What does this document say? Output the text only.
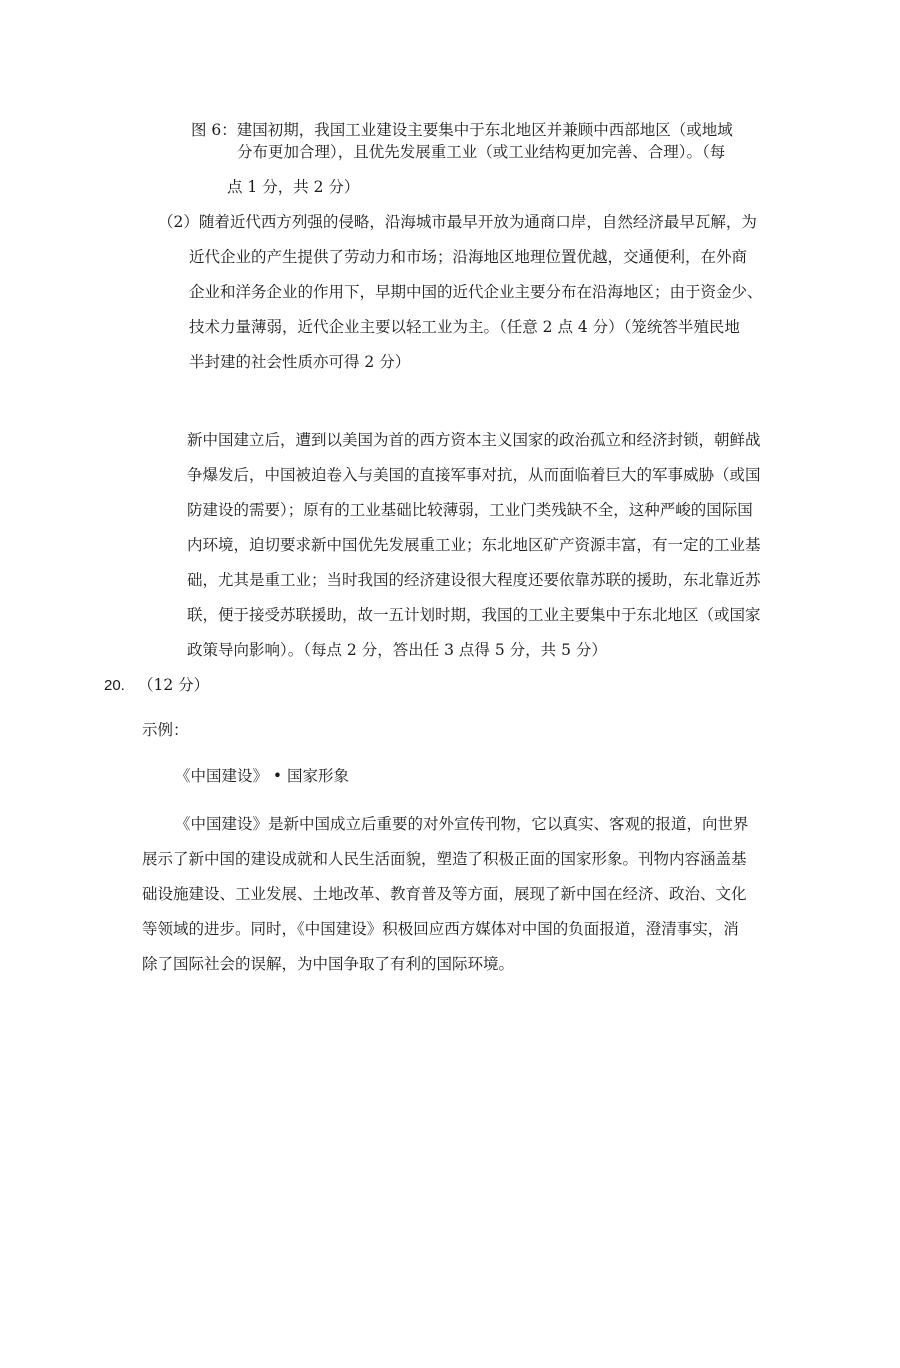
图 6：建国初期，我国工业建设主要集中于东北地区并兼顾中西部地区（或地域
分布更加合理），且优先发展重工业（或工业结构更加完善、合理）。（每
点 1 分，共 2 分）
（2）随着近代西方列强的侵略，沿海城市最早开放为通商口岸，自然经济最早瓦解，为
近代企业的产生提供了劳动力和市场；沿海地区地理位置优越，交通便利，在外商
企业和洋务企业的作用下，早期中国的近代企业主要分布在沿海地区；由于资金少、
技术力量薄弱，近代企业主要以轻工业为主。（任意 2 点 4 分）（笼统答半殖民地
半封建的社会性质亦可得 2 分）
新中国建立后，遭到以美国为首的西方资本主义国家的政治孤立和经济封锁，朝鲜战
争爆发后，中国被迫卷入与美国的直接军事对抗，从而面临着巨大的军事威胁（或国
防建设的需要）；原有的工业基础比较薄弱，工业门类残缺不全，这种严峻的国际国
内环境，迫切要求新中国优先发展重工业；东北地区矿产资源丰富，有一定的工业基
础，尤其是重工业；当时我国的经济建设很大程度还要依靠苏联的援助，东北靠近苏
联，便于接受苏联援助，故一五计划时期，我国的工业主要集中于东北地区（或国家
政策导向影响）。（每点 2 分，答出任 3 点得 5 分，共 5 分）
20. （12 分）
示例：
《中国建设》 • 国家形象
《中国建设》是新中国成立后重要的对外宣传刊物，它以真实、客观的报道，向世界
展示了新中国的建设成就和人民生活面貌，塑造了积极正面的国家形象。刊物内容涵盖基
础设施建设、工业发展、土地改革、教育普及等方面，展现了新中国在经济、政治、文化
等领域的进步。同时，《中国建设》积极回应西方媒体对中国的负面报道，澄清事实，消
除了国际社会的误解，为中国争取了有利的国际环境。
